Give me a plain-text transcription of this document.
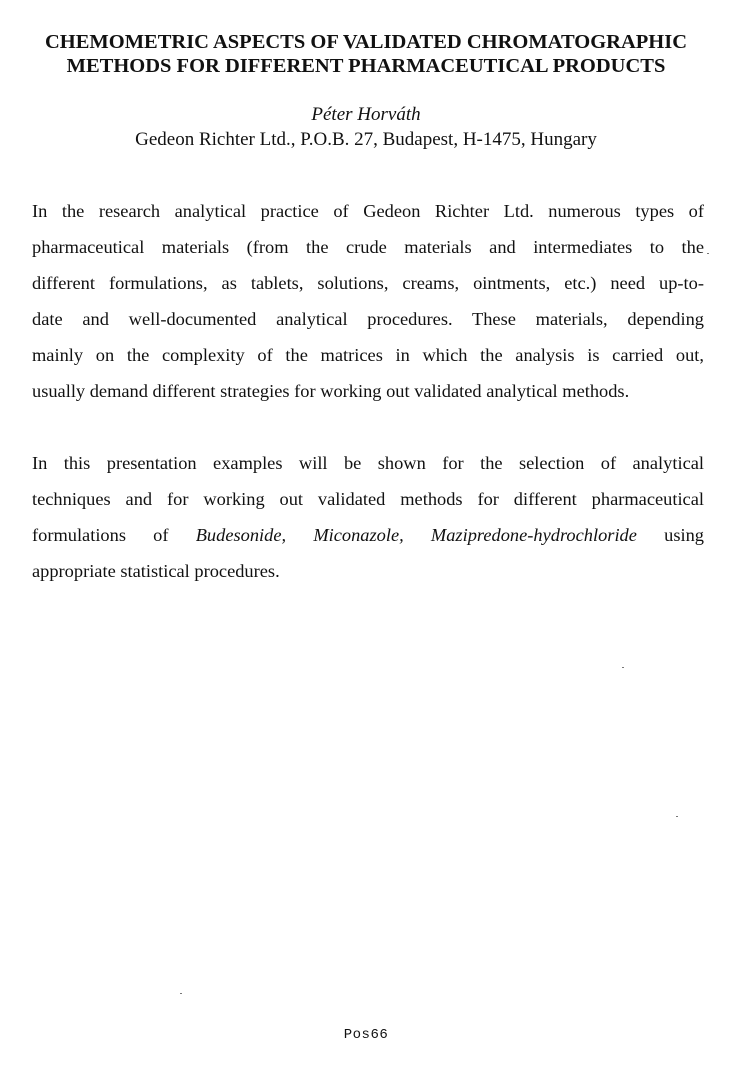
CHEMOMETRIC ASPECTS OF VALIDATED CHROMATOGRAPHIC
METHODS FOR DIFFERENT PHARMACEUTICAL PRODUCTS
Péter Horváth
Gedeon Richter Ltd., P.O.B. 27, Budapest, H-1475, Hungary
In the research analytical practice of Gedeon Richter Ltd. numerous types of
pharmaceutical materials (from the crude materials and intermediates to the
different formulations, as tablets, solutions, creams, ointments, etc.) need up-to-
date and well-documented analytical procedures. These materials, depending
mainly on the complexity of the matrices in which the analysis is carried out,
usually demand different strategies for working out validated analytical methods.
In this presentation examples will be shown for the selection of analytical
techniques and for working out validated methods for different pharmaceutical
formulations of Budesonide, Miconazole, Mazipredone-hydrochloride using
appropriate statistical procedures.
Pos66
